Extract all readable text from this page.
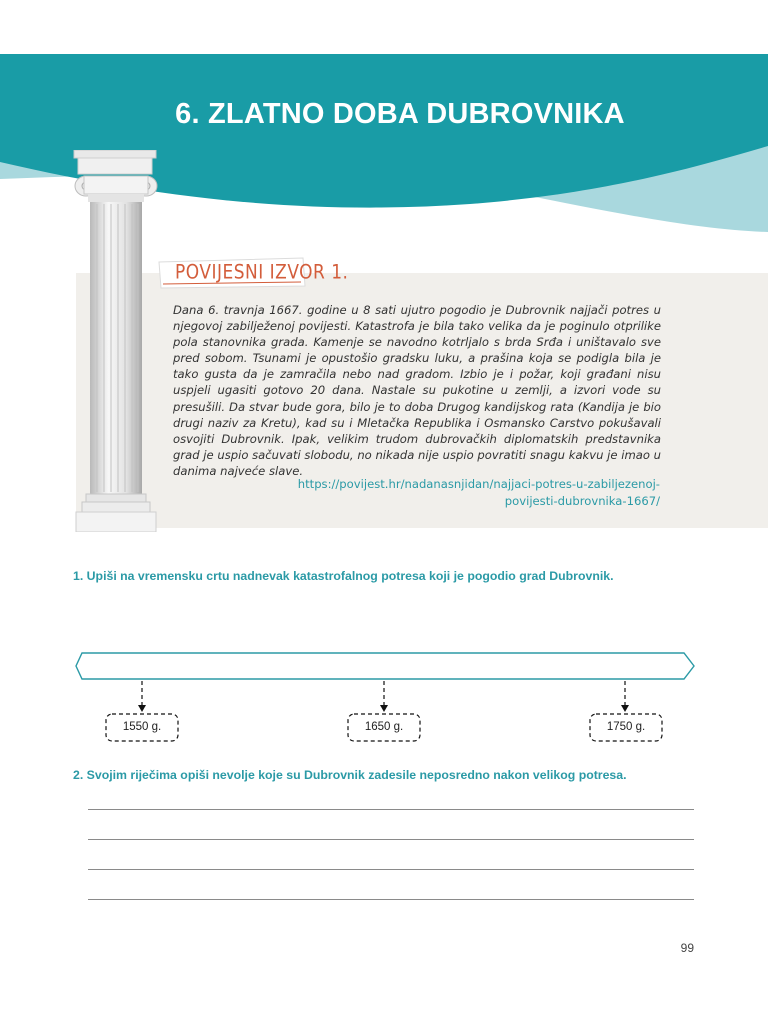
6. ZLATNO DOBA DUBROVNIKA
POVIJESNI IZVOR 1.

Dana 6. travnja 1667. godine u 8 sati ujutro pogodio je Dubrovnik najjači potres u njegovoj zabilježenoj povijesti. Katastrofa je bila tako velika da je poginulo otprilike pola stanovnika grada. Kamenje se navodno kotrljalo s brda Srđa i uništavalo sve pred sobom. Tsunami je opustošio gradsku luku, a prašina koja se podigla bila je tako gusta da je zamračila nebo nad gradom. Izbio je i požar, koji građani nisu uspjeli ugasiti gotovo 20 dana. Nastale su pukotine u zemlji, a izvori vode su presušili. Da stvar bude gora, bilo je to doba Drugog kandijskog rata (Kandija je bio drugi naziv za Kretu), kad su i Mletačka Republika i Osmansko Carstvo pokušavali osvojiti Dubrovnik. Ipak, velikim trudom dubrovačkih diplomatskih predstavnika grad je uspio sačuvati slobodu, no nikada nije uspio povratiti snagu kakvu je imao u danima najveće slave.

https://povijest.hr/nadanasnjidan/najjaci-potres-u-zabiljezenoj-
povijesti-dubrovnika-1667/

1. Upiši na vremensku crtu nadnevak katastrofalnog potresa koji je pogodio grad Dubrovnik.

1550 g.	1650 g.	1750 g.

2. Svojim riječima opiši nevolje koje su Dubrovnik zadesile neposredno nakon velikog potresa.

99
